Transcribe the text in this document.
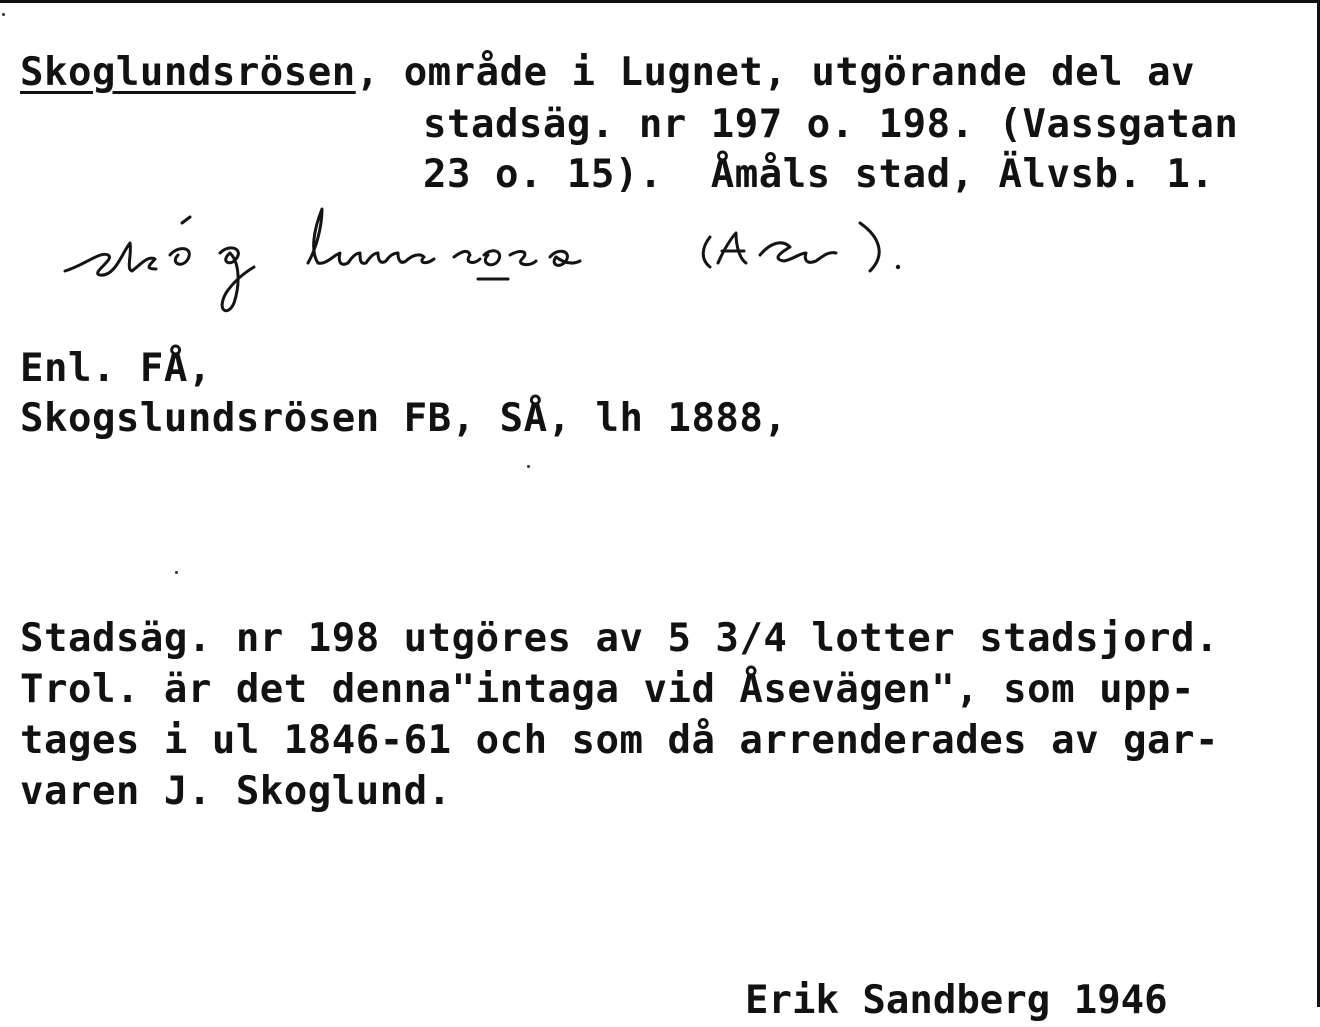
Skoglundsrösen, område i Lugnet, utgörande del av
stadsäg. nr 197 o. 198. (Vassgatan
23 o. 15).  Åmåls stad, Älvsb. 1.
Enl. FÅ,
Skogslundsrösen FB, SÅ, lh 1888,
Stadsäg. nr 198 utgöres av 5 3/4 lotter stadsjord.
Trol. är det denna"intaga vid Åsevägen", som upp-
tages i ul 1846-61 och som då arrenderades av gar-
varen J. Skoglund.
Erik Sandberg 1946
